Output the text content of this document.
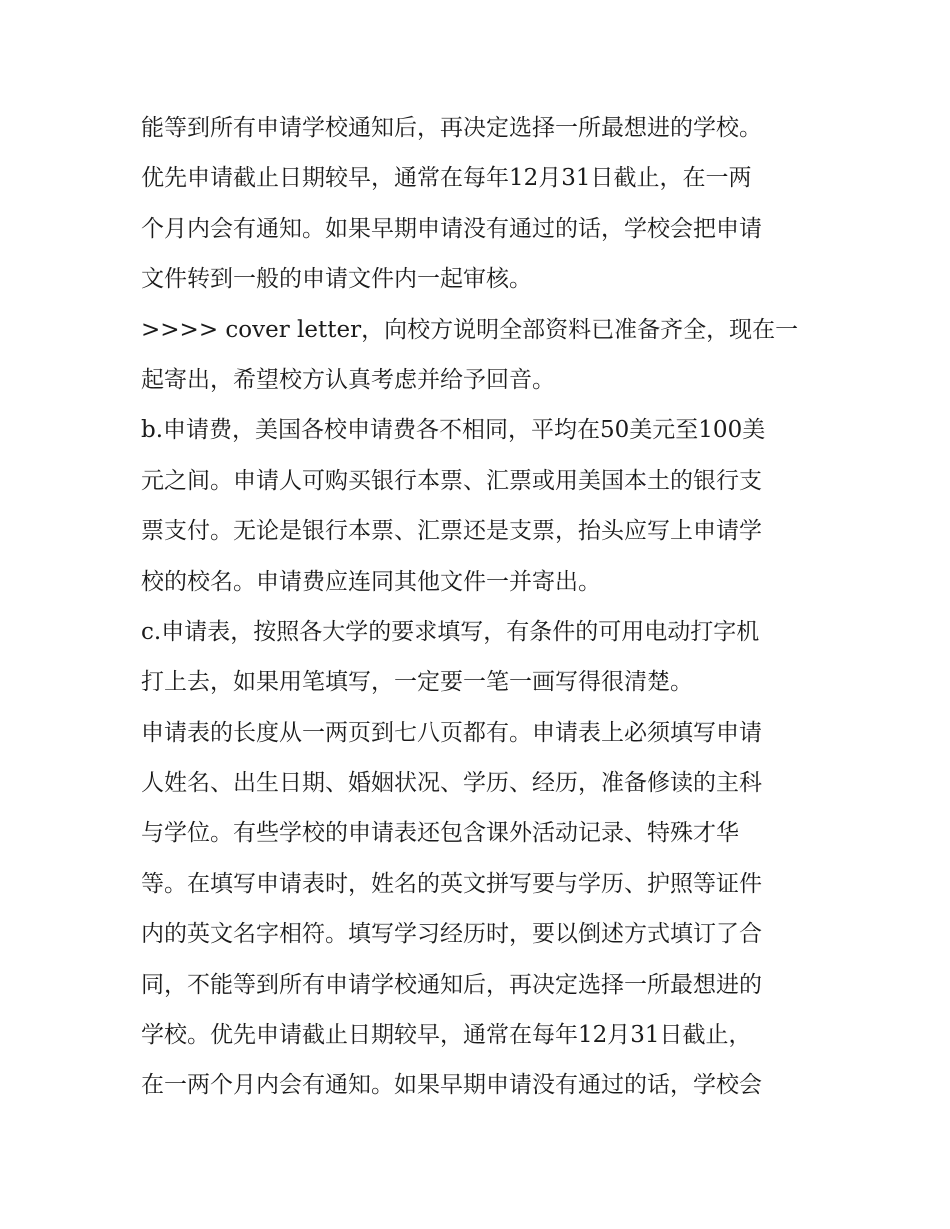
能等到所有申请学校通知后，再决定选择一所最想进的学校。
优先申请截止日期较早，通常在每年12月31日截止，在一两
个月内会有通知。如果早期申请没有通过的话，学校会把申请
文件转到一般的申请文件内一起审核。
>>>> cover letter，向校方说明全部资料已准备齐全，现在一
起寄出，希望校方认真考虑并给予回音。
b.申请费，美国各校申请费各不相同，平均在50美元至100美
元之间。申请人可购买银行本票、汇票或用美国本土的银行支
票支付。无论是银行本票、汇票还是支票，抬头应写上申请学
校的校名。申请费应连同其他文件一并寄出。
c.申请表，按照各大学的要求填写，有条件的可用电动打字机
打上去，如果用笔填写，一定要一笔一画写得很清楚。
申请表的长度从一两页到七八页都有。申请表上必须填写申请
人姓名、出生日期、婚姻状况、学历、经历，准备修读的主科
与学位。有些学校的申请表还包含课外活动记录、特殊才华
等。在填写申请表时，姓名的英文拼写要与学历、护照等证件
内的英文名字相符。填写学习经历时，要以倒述方式填订了合
同，不能等到所有申请学校通知后，再决定选择一所最想进的
学校。优先申请截止日期较早，通常在每年12月31日截止，
在一两个月内会有通知。如果早期申请没有通过的话，学校会
